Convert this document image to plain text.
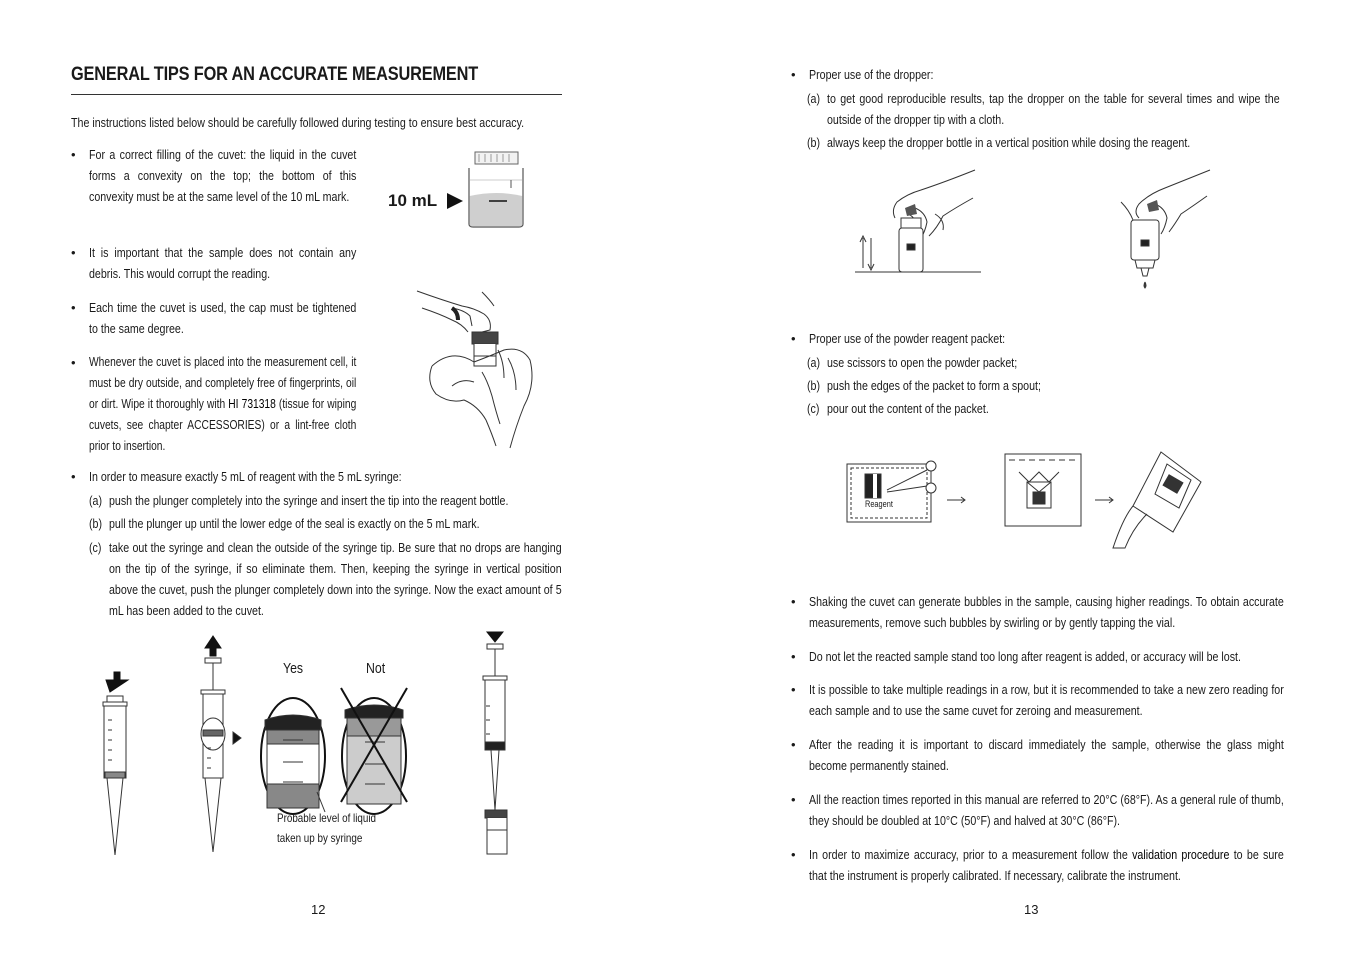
GENERAL TIPS FOR AN ACCURATE MEASUREMENT
The instructions listed below should be carefully followed during testing to ensure best accuracy.
• For a correct filling of the cuvet: the liquid in the cuvet forms a convexity on the top; the bottom of this convexity must be at the same level of the 10 mL mark.	10 mL
• It is important that the sample does not contain any debris. This would corrupt the reading.
• Each time the cuvet is used, the cap must be tightened to the same degree.
• Whenever the cuvet is placed into the measurement cell, it must be dry outside, and completely free of fingerprints, oil or dirt. Wipe it thoroughly with HI 731318 (tissue for wiping cuvets, see chapter ACCESSORIES) or a lint-free cloth prior to insertion.
• In order to measure exactly 5 mL of reagent with the 5 mL syringe:
(a) push the plunger completely into the syringe and insert the tip into the reagent bottle.
(b) pull the plunger up until the lower edge of the seal is exactly on the 5 mL mark.
(c) take out the syringe and clean the outside of the syringe tip. Be sure that no drops are hanging on the tip of the syringe, if so eliminate them. Then, keeping the syringe in vertical position above the cuvet, push the plunger completely down into the syringe. Now the exact amount of 5 mL has been added to the cuvet.
Yes	Not
Probable level of liquid
taken up by syringe
12
• Proper use of the dropper:
(a) to get good reproducible results, tap the dropper on the table for several times and wipe the outside of the dropper tip with a cloth.
(b) always keep the dropper bottle in a vertical position while dosing the reagent.
• Proper use of the powder reagent packet:
(a) use scissors to open the powder packet;
(b) push the edges of the packet to form a spout;
(c) pour out the content of the packet.
Reagent
• Shaking the cuvet can generate bubbles in the sample, causing higher readings. To obtain accurate measurements, remove such bubbles by swirling or by gently tapping the vial.
• Do not let the reacted sample stand too long after reagent is added, or accuracy will be lost.
• It is possible to take multiple readings in a row, but it is recommended to take a new zero reading for each sample and to use the same cuvet for zeroing and measurement.
• After the reading it is important to discard immediately the sample, otherwise the glass might become permanently stained.
• All the reaction times reported in this manual are referred to 20°C (68°F). As a general rule of thumb, they should be doubled at 10°C (50°F) and halved at 30°C (86°F).
• In order to maximize accuracy, prior to a measurement follow the validation procedure to be sure that the instrument is properly calibrated. If necessary, calibrate the instrument.
13
